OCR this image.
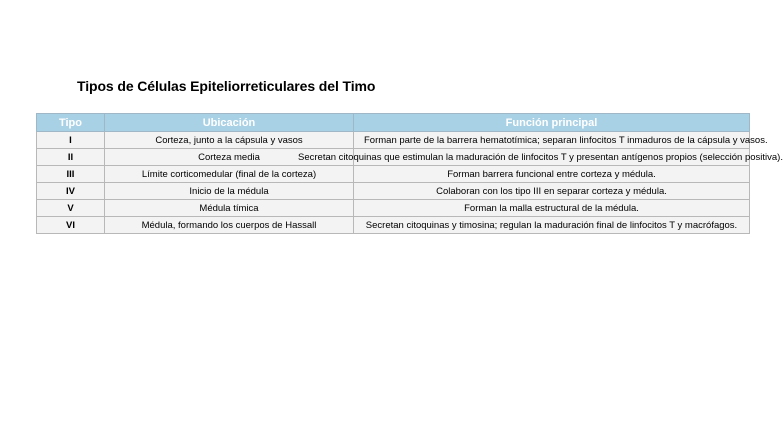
Tipos de Células Epiteliorreticulares del Timo
Tipo	Ubicación	Función principal
I	Corteza, junto a la cápsula y vasos	Forman parte de la barrera hematotímica; separan linfocitos T inmaduros de la cápsula y vasos.
II	Corteza media	Secretan citoquinas que estimulan la maduración de linfocitos T y presentan antígenos propios (selección positiva).
III	Límite corticomedular (final de la corteza)	Forman barrera funcional entre corteza y médula.
IV	Inicio de la médula	Colaboran con los tipo III en separar corteza y médula.
V	Médula tímica	Forman la malla estructural de la médula.
VI	Médula, formando los cuerpos de Hassall	Secretan citoquinas y timosina; regulan la maduración final de linfocitos T y macrófagos.
